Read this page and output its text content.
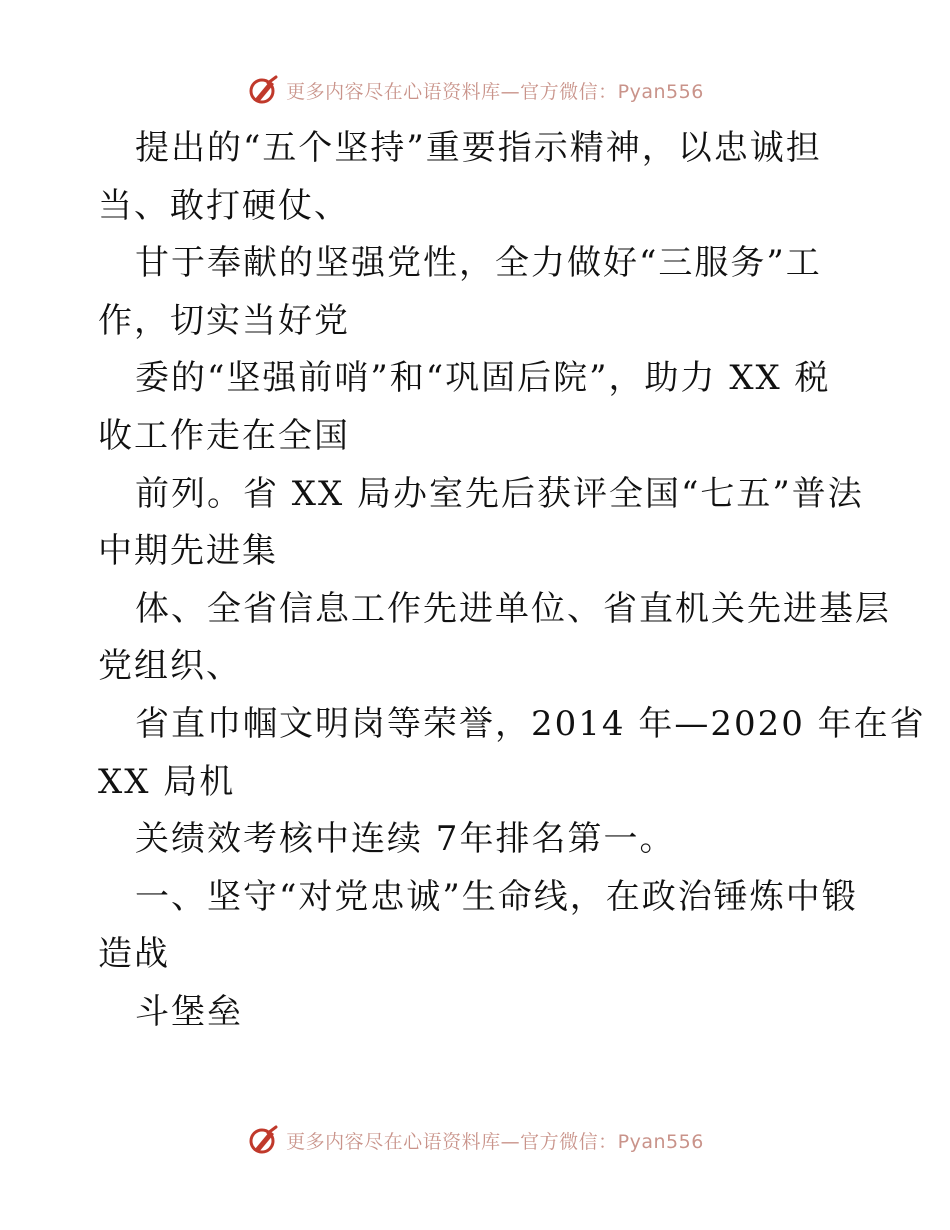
更多内容尽在心语资料库—官方微信：Pyan556
提出的“五个坚持”重要指示精神，以忠诚担
当、敢打硬仗、
甘于奉献的坚强党性，全力做好“三服务”工
作，切实当好党
委的“坚强前哨”和“巩固后院”，助力 XX 税
收工作走在全国
前列。省 XX 局办室先后获评全国“七五”普法
中期先进集
体、全省信息工作先进单位、省直机关先进基层
党组织、
省直巾帼文明岗等荣誉，2014 年—2020 年在省
XX 局机
关绩效考核中连续 7年排名第一。
一、坚守“对党忠诚”生命线，在政治锤炼中锻
造战
斗堡垒
更多内容尽在心语资料库—官方微信：Pyan556
